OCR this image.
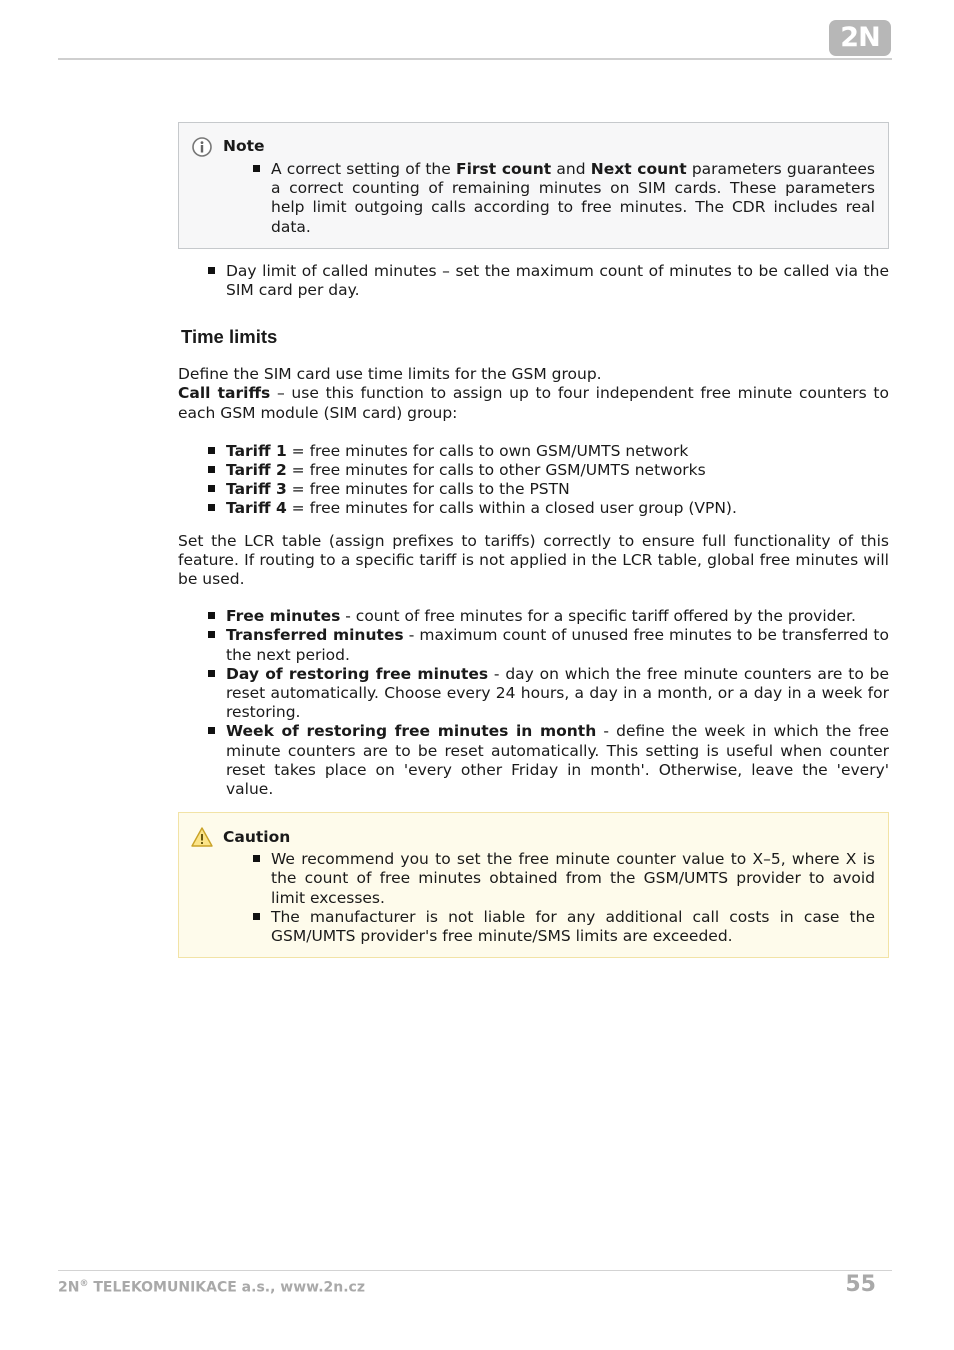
2N
Note
A correct setting of the First count and Next count parameters guarantees a correct counting of remaining minutes on SIM cards. These parameters help limit outgoing calls according to free minutes. The CDR includes real data.
Day limit of called minutes – set the maximum count of minutes to be called via the SIM card per day.
Time limits

Define the SIM card use time limits for the GSM group.
Call tariffs – use this function to assign up to four independent free minute counters to each GSM module (SIM card) group:

Tariff 1 = free minutes for calls to own GSM/UMTS network
Tariff 2 = free minutes for calls to other GSM/UMTS networks
Tariff 3 = free minutes for calls to the PSTN
Tariff 4 = free minutes for calls within a closed user group (VPN).

Set the LCR table (assign prefixes to tariffs) correctly to ensure full functionality of this feature. If routing to a specific tariff is not applied in the LCR table, global free minutes will be used.

Free minutes - count of free minutes for a specific tariff offered by the provider.
Transferred minutes - maximum count of unused free minutes to be transferred to the next period.
Day of restoring free minutes - day on which the free minute counters are to be reset automatically. Choose every 24 hours, a day in a month, or a day in a week for restoring.
Week of restoring free minutes in month - define the week in which the free minute counters are to be reset automatically. This setting is useful when counter reset takes place on 'every other Friday in month'. Otherwise, leave the 'every' value.
Caution
We recommend you to set the free minute counter value to X–5, where X is the count of free minutes obtained from the GSM/UMTS provider to avoid limit excesses.
The manufacturer is not liable for any additional call costs in case the GSM/UMTS provider's free minute/SMS limits are exceeded.
2N® TELEKOMUNIKACE a.s., www.2n.cz	55
